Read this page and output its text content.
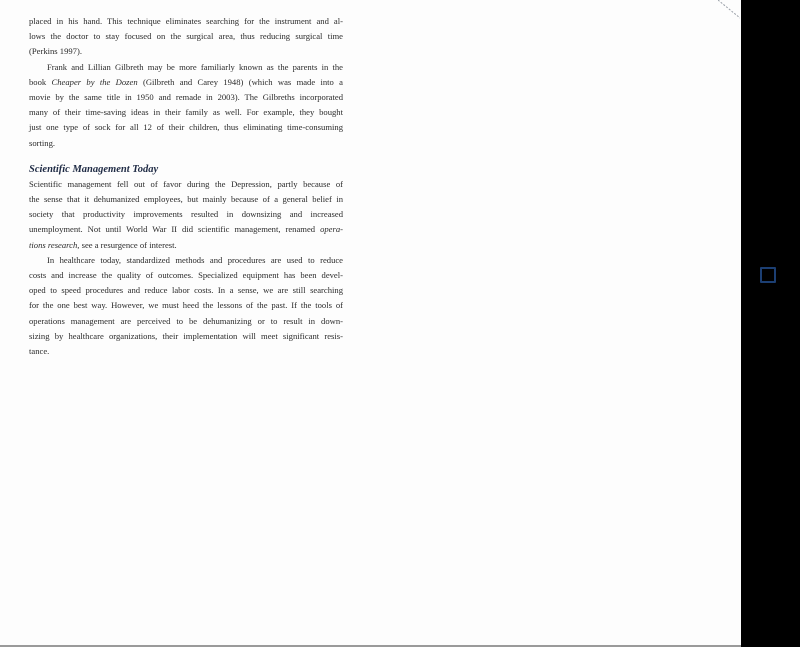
placed in his hand. This technique eliminates searching for the instrument and al-
lows the doctor to stay focused on the surgical area, thus reducing surgical time
(Perkins 1997).

Frank and Lillian Gilbreth may be more familiarly known as the parents in the
book Cheaper by the Dozen (Gilbreth and Carey 1948) (which was made into a
movie by the same title in 1950 and remade in 2003). The Gilbreths incorporated
many of their time-saving ideas in their family as well. For example, they bought
just one type of sock for all 12 of their children, thus eliminating time-consuming
sorting.

Scientific Management Today

Scientific management fell out of favor during the Depression, partly because of
the sense that it dehumanized employees, but mainly because of a general belief in
society that productivity improvements resulted in downsizing and increased
unemployment. Not until World War II did scientific management, renamed opera-
tions research, see a resurgence of interest.

In healthcare today, standardized methods and procedures are used to reduce
costs and increase the quality of outcomes. Specialized equipment has been devel-
oped to speed procedures and reduce labor costs. In a sense, we are still searching
for the one best way. However, we must heed the lessons of the past. If the tools of
operations management are perceived to be dehumanizing or to result in down-
sizing by healthcare organizations, their implementation will meet significant resis-
tance.
